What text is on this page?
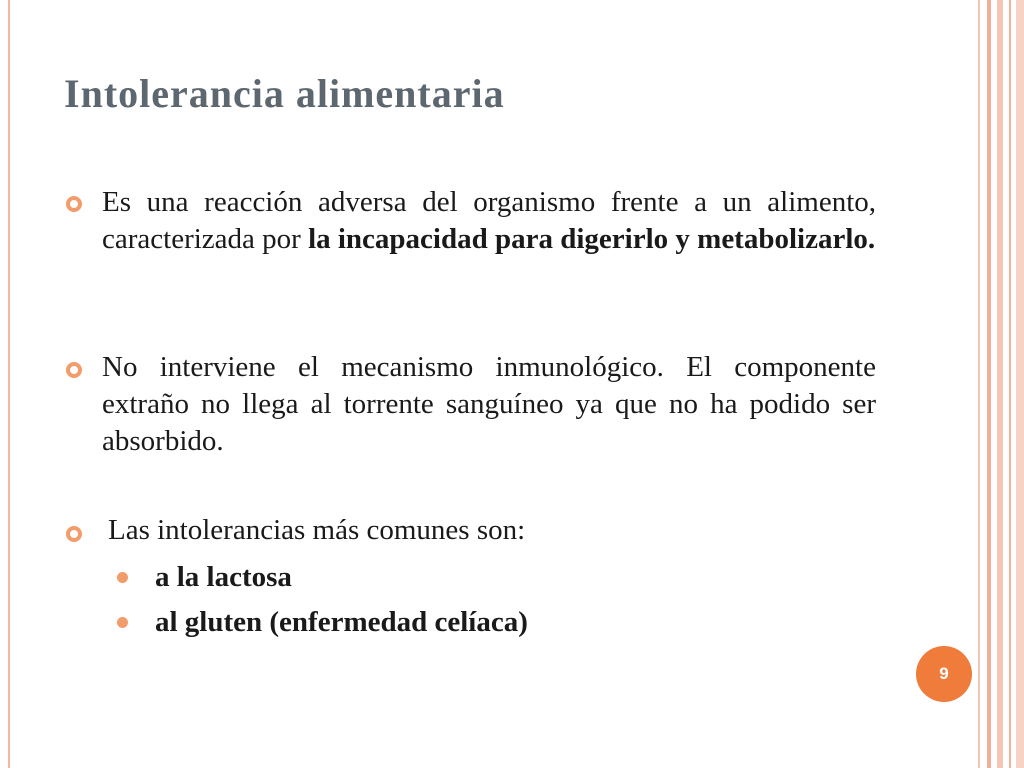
Intolerancia alimentaria
Es una reacción adversa del organismo frente a un alimento, caracterizada por la incapacidad para digerirlo y metabolizarlo.
No interviene el mecanismo inmunológico. El componente extraño no llega al torrente sanguíneo ya que no ha podido ser absorbido.
Las intolerancias más comunes son:
a la lactosa
al gluten (enfermedad celíaca)
9
